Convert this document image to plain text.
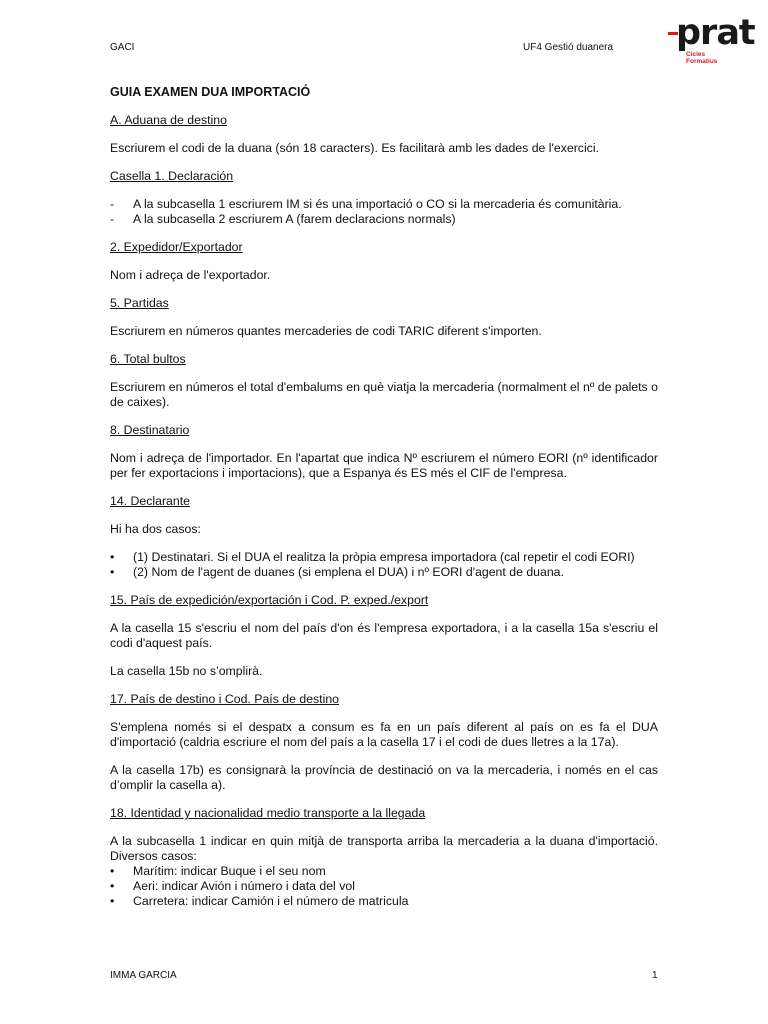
GACI	UF4 Gestió duanera prat
Cicles
Formatius

GUIA EXAMEN DUA IMPORTACIÓ

A. Aduana de destino

Escriurem el codi de la duana (són 18 caracters). Es facilitarà amb les dades de l'exercici.

Casella 1. Declaración

- A la subcasella 1 escriurem IM si és una importació o CO si la mercaderia és comunitària.
- A la subcasella 2 escriurem A (farem declaracions normals)

2. Expedidor/Exportador

Nom i adreça de l'exportador.

5. Partidas

Escriurem en números quantes mercaderies de codi TARIC diferent s'importen.

6. Total bultos

Escriurem en números el total d'embalums en què viatja la mercaderia (normalment el nº de palets o de caixes).

8. Destinatario

Nom i adreça de l'importador. En l'apartat que indica Nº escriurem el número EORI (nº identificador per fer exportacions i importacions), que a Espanya és ES més el CIF de l'empresa.

14. Declarante

Hi ha dos casos:

• (1) Destinatari. Si el DUA el realitza la pròpia empresa importadora (cal repetir el codi EORI)
• (2) Nom de l'agent de duanes (si emplena el DUA) i nº EORI d'agent de duana.

15. País de expedición/exportación i Cod. P. exped./export

A la casella 15 s'escriu el nom del país d'on és l'empresa exportadora, i a la casella 15a s'escriu el codi d'aquest país.

La casella 15b no s’omplirà.

17. País de destino i Cod. País de destino

S'emplena només si el despatx a consum es fa en un país diferent al país on es fa el DUA d'importació (caldria escriure el nom del país a la casella 17 i el codi de dues lletres a la 17a).

A la casella 17b) es consignarà la província de destinació on va la mercaderia, i només en el cas d’omplir la casella a).

18. Identidad y nacionalidad medio transporte a la llegada

A la subcasella 1 indicar en quin mitjà de transporta arriba la mercaderia a la duana d'importació. Diversos casos:

• Marítim: indicar Buque i el seu nom
• Aeri: indicar Avión i número i data del vol
• Carretera: indicar Camión i el número de matricula
IMMA GARCIA	1
